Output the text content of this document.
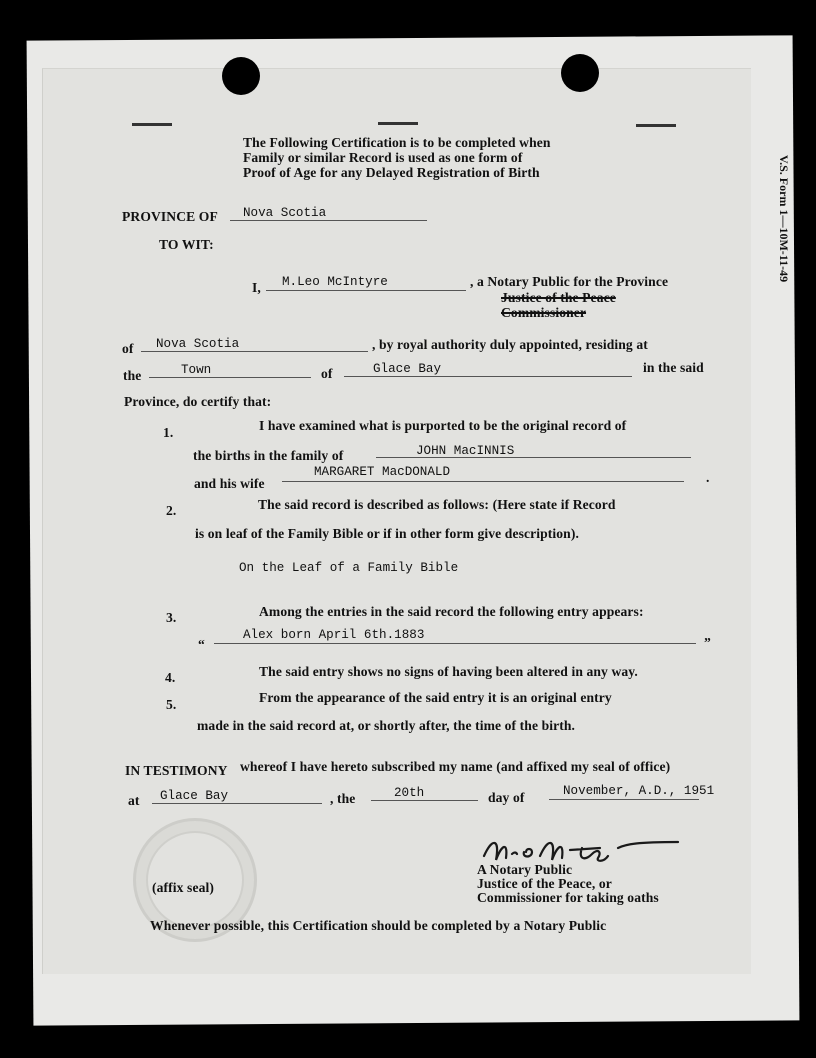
V.S. Form 1—10M-11-49
The Following Certification is to be completed when
Family or similar Record is used as one form of
Proof of Age for any Delayed Registration of Birth
PROVINCE OF Nova Scotia
TO WIT:
I, M.Leo McIntyre	, a Notary Public for the Province
Justice of the Peace
Commissioner
of Nova Scotia	, by royal authority duly appointed, residing at
the	Town	of	Glace Bay	in the said
Province, do certify that:
1.	I have examined what is purported to be the original record of
the births in the family of	JOHN MacINNIS
and his wife
MARGARET MacDONALD	.
2.	The said record is described as follows: (Here state if Record
is on leaf of the Family Bible or if in other form give description).
On the Leaf of a Family Bible
3.	Among the entries in the said record the following entry appears:
“
Alex born April 6th.1883	”
4.	The said entry shows no signs of having been altered in any way.
5.	From the appearance of the said entry it is an original entry
made in the said record at, or shortly after, the time of the birth.
IN TESTIMONY whereof I have hereto subscribed my name (and affixed my seal of office)
at Glace Bay	, the	20th	day of	November, A.D., 1951
A Notary Public
Justice of the Peace, or
Commissioner for taking oaths
(affix seal)
Whenever possible, this Certification should be completed by a Notary Public
